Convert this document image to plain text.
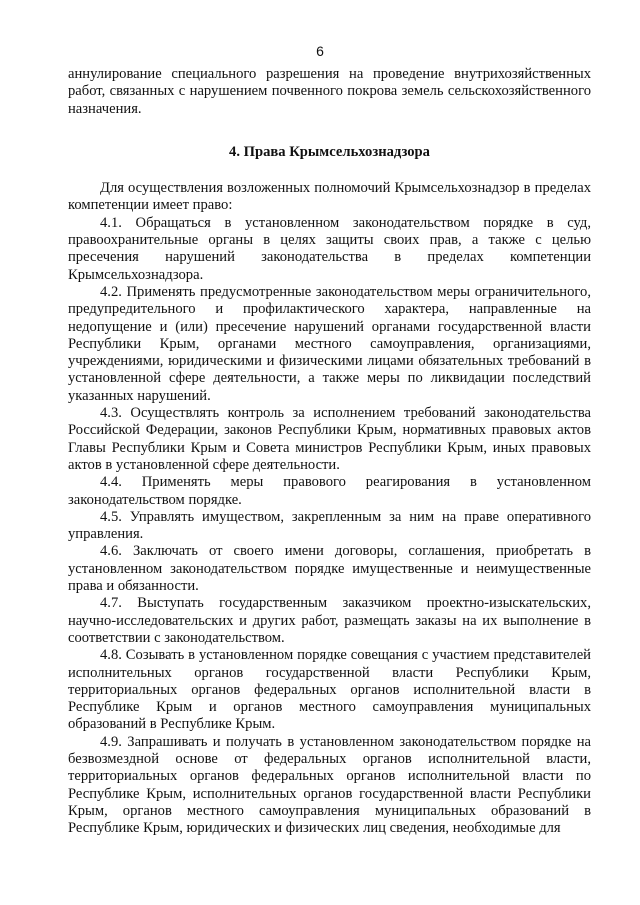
6

аннулирование специального разрешения на проведение внутрихозяйственных работ, связанных с нарушением почвенного покрова земель сельскохозяйственного назначения.

4. Права Крымсельхознадзора

Для осуществления возложенных полномочий Крымсельхознадзор в пределах компетенции имеет право:

4.1. Обращаться в установленном законодательством порядке в суд, правоохранительные органы в целях защиты своих прав, а также с целью пресечения нарушений законодательства в пределах компетенции Крымсельхознадзора.

4.2. Применять предусмотренные законодательством меры ограничительного, предупредительного и профилактического характера, направленные на недопущение и (или) пресечение нарушений органами государственной власти Республики Крым, органами местного самоуправления, организациями, учреждениями, юридическими и физическими лицами обязательных требований в установленной сфере деятельности, а также меры по ликвидации последствий указанных нарушений.

4.3. Осуществлять контроль за исполнением требований законодательства Российской Федерации, законов Республики Крым, нормативных правовых актов Главы Республики Крым и Совета министров Республики Крым, иных правовых актов в установленной сфере деятельности.

4.4. Применять меры правового реагирования в установленном законодательством порядке.

4.5. Управлять имуществом, закрепленным за ним на праве оперативного управления.

4.6. Заключать от своего имени договоры, соглашения, приобретать в установленном законодательством порядке имущественные и неимущественные права и обязанности.

4.7. Выступать государственным заказчиком проектно-изыскательских, научно-исследовательских и других работ, размещать заказы на их выполнение в соответствии с законодательством.

4.8. Созывать в установленном порядке совещания с участием представителей исполнительных органов государственной власти Республики Крым, территориальных органов федеральных органов исполнительной власти в Республике Крым и органов местного самоуправления муниципальных образований в Республике Крым.

4.9. Запрашивать и получать в установленном законодательством порядке на безвозмездной основе от федеральных органов исполнительной власти, территориальных органов федеральных органов исполнительной власти по Республике Крым, исполнительных органов государственной власти Республики Крым, органов местного самоуправления муниципальных образований в Республике Крым, юридических и физических лиц сведения, необходимые для
